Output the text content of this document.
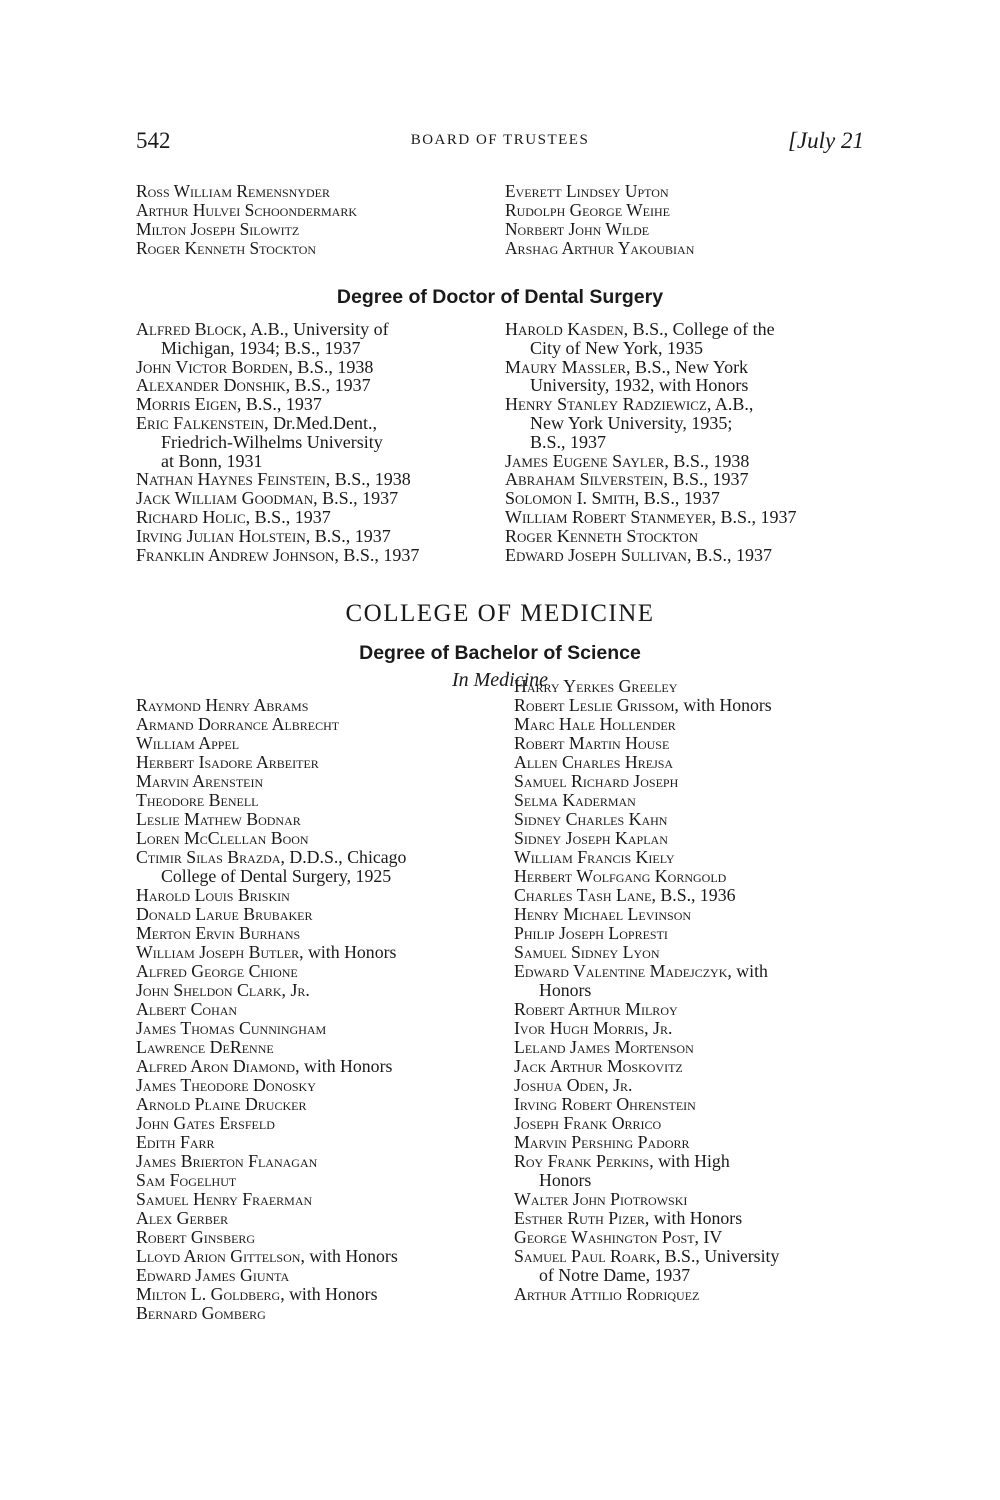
542	BOARD OF TRUSTEES	[July 21
Ross William Remensnyder
Arthur Hulvei Schoondermark
Milton Joseph Silowitz
Roger Kenneth Stockton
Everett Lindsey Upton
Rudolph George Weihe
Norbert John Wilde
Arshag Arthur Yakoubian
Degree of Doctor of Dental Surgery
Alfred Block, A.B., University of
Michigan, 1934; B.S., 1937
John Victor Borden, B.S., 1938
Alexander Donshik, B.S., 1937
Morris Eigen, B.S., 1937
Eric Falkenstein, Dr.Med.Dent.,
Friedrich-Wilhelms University
at Bonn, 1931
Nathan Haynes Feinstein, B.S., 1938
Jack William Goodman, B.S., 1937
Richard Holic, B.S., 1937
Irving Julian Holstein, B.S., 1937
Franklin Andrew Johnson, B.S., 1937
Harold Kasden, B.S., College of the
City of New York, 1935
Maury Massler, B.S., New York
University, 1932, with Honors
Henry Stanley Radziewicz, A.B.,
New York University, 1935;
B.S., 1937
James Eugene Sayler, B.S., 1938
Abraham Silverstein, B.S., 1937
Solomon I. Smith, B.S., 1937
William Robert Stanmeyer, B.S., 1937
Roger Kenneth Stockton
Edward Joseph Sullivan, B.S., 1937
COLLEGE OF MEDICINE
Degree of Bachelor of Science
In Medicine
Raymond Henry Abrams
Armand Dorrance Albrecht
William Appel
Herbert Isadore Arbeiter
Marvin Arenstein
Theodore Benell
Leslie Mathew Bodnar
Loren McClellan Boon
Ctimir Silas Brazda, D.D.S., Chicago
College of Dental Surgery, 1925
Harold Louis Briskin
Donald Larue Brubaker
Merton Ervin Burhans
William Joseph Butler, with Honors
Alfred George Chione
John Sheldon Clark, Jr.
Albert Cohan
James Thomas Cunningham
Lawrence DeRenne
Alfred Aron Diamond, with Honors
James Theodore Donosky
Arnold Plaine Drucker
John Gates Ersfeld
Edith Farr
James Brierton Flanagan
Sam Fogelhut
Samuel Henry Fraerman
Alex Gerber
Robert Ginsberg
Lloyd Arion Gittelson, with Honors
Edward James Giunta
Milton L. Goldberg, with Honors
Bernard Gomberg
Harry Yerkes Greeley
Robert Leslie Grissom, with Honors
Marc Hale Hollender
Robert Martin House
Allen Charles Hrejsa
Samuel Richard Joseph
Selma Kaderman
Sidney Charles Kahn
Sidney Joseph Kaplan
William Francis Kiely
Herbert Wolfgang Korngold
Charles Tash Lane, B.S., 1936
Henry Michael Levinson
Philip Joseph Lopresti
Samuel Sidney Lyon
Edward Valentine Madejczyk, with
Honors
Robert Arthur Milroy
Ivor Hugh Morris, Jr.
Leland James Mortenson
Jack Arthur Moskovitz
Joshua Oden, Jr.
Irving Robert Ohrenstein
Joseph Frank Orrico
Marvin Pershing Padorr
Roy Frank Perkins, with High
Honors
Walter John Piotrowski
Esther Ruth Pizer, with Honors
George Washington Post, IV
Samuel Paul Roark, B.S., University
of Notre Dame, 1937
Arthur Attilio Rodriquez
